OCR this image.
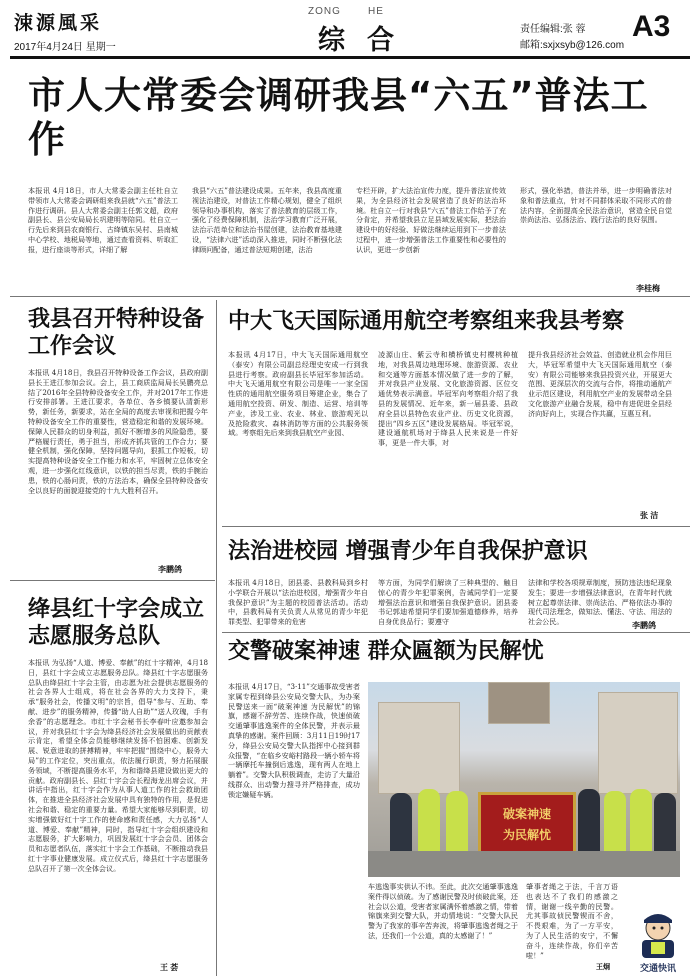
涑源風采
2017年4月24日 星期一
ZONG	HE
综合	责任编辑:张 蓉
邮箱:sxjxsyb@126.com
A3
市人大常委会调研我县“六五”普法工作
本报讯 4月18日，市人大常委会副主任杜自立带领市人大常委会调研组来我县就“六五”普法工作进行调研。县人大常委会副主任郭文超，政府副县长、县公安局局长巩建明等陪同。杜自立一行先后来到县农商银行、古绛镇东吴村、县南城中心学校、地税局等地，通过查看资料、听取汇报，进行座谈等形式，详细了解
我县“六五”普法建设成果。五年来，我县高度重视法治建设，对普法工作精心规划，健全了组织领导和办事机构，落实了普法教育的层级工作，强化了经费保障机制，法治学习教育广泛开展，法治示范单位和法治书屋创建，法治教育基地建设，“法律六进”活动深入推进，同时不断强化法律顾问配备，通过普法短期创建，法治
专栏开辟，扩大法治宣传力度，提升普法宣传效果，为全县经济社会发展营造了良好的法治环境。杜自立一行对我县“六五”普法工作给予了充分肯定，并希望我县立足县域发展实际，把法治建设中的好经验、好做法继续运用到下一步普法过程中，进一步增强普法工作重要性和必要性的认识，更进一步创新
形式，强化举措，普法并举，进一步明确普法对象和普法重点，针对不同群体采取不同形式的普法内容，全面提高全民法治意识，营造全民自觉崇尚法治、弘扬法治、践行法治的良好氛围。
李桂梅
我县召开特种设备工作会议
本报讯 4月18日，我县召开特种设备工作会议，县政府副县长王进江参加会议。会上，县工商质监局局长吴鹏亮总结了2016年全县特种设备安全工作，并对2017年工作进行安排部署。王进江要求，各单位、各乡镇要认清新形势，新任务，新要求，站在全局的高度去审视和把握今年特种设备安全工作的重要性，营造稳定和谐的发展环境。保障人民群众的切身利益，抓好不断增多的风险隐患，要严格履行责任，勇于担当，形成齐抓共管的工作合力；要健全机制，强化保障，坚持问题导向，狠抓工作短板，切实提高特种设备安全工作能力和水平，牢固树立总体安全观，进一步强化红线意识，以铁的担当尽责，铁的手腕治患，铁的心肠问责，铁的方法治本，确保全县特种设备安全以良好的面貌迎接党的十九大胜利召开。
李鹏鸽
绛县红十字会成立志愿服务总队
本报讯 为弘扬“人道、博爱、奉献”的红十字精神，4月18日，县红十字会成立志愿服务总队。绛县红十字志愿服务总队由绛县红十字会主管，由志愿为社会提供志愿服务的社会各界人士组成，将在社会各界的大力支持下，秉承“服务社会，传播文明”的宗旨，倡导“参与、互助、奉献、进步”的服务精神，传播“助人自助”“送人玫瑰，手有余香”的志愿理念。市红十字会秘书长李春叶应邀参加会议，并对我县红十字会为绛县经济社会发展做出的贡献表示肯定，希望全体会员能够继续发扬不怕困难、创新发展、锐意进取的拼搏精神，牢牢把握“围绕中心，服务大局”的工作定位，突出重点，依法履行职责，努力拓展服务领域，不断提高服务水平，为和谐绛县建设做出更大的贡献。政府副县长、县红十字会会长程海龙出席会议，并讲话中指出，红十字会作为从事人道工作的社会救助团体，在推进全县经济社会发展中具有独特的作用，是促进社会和谐、稳定的重要力量。希望大家能够尽到职责，切实增强做好红十字工作的使命感和责任感，大力弘扬“人道、博爱、奉献”精神，同时，指导红十字会组织建设和志愿服务，扩大影响力，巩固发展红十字会会员、团体会员和志愿者队伍，落实红十字会工作基础，不断推动我县红十字事业健康发展。成立仪式后，绛县红十字志愿服务总队召开了第一次全体会议。
王 荟
中大飞天国际通用航空考察组来我县考察
本报讯 4月17日，中大飞天国际通用航空（泰安）有限公司副总经理史安成一行到我县进行考察。政府副县长毕冠军参加活动。中大飞天通用航空有限公司是唯一一家全国性质的通用航空服务项目筹建企业，集合了通用航空投资、研发、制造、运营、培训等产业，涉及工业、农业、林业、旅游观光以及抢险救灾、森林消防等方面的公共服务领域。考察组先后来到我县航空产业园、
凌源山庄、紫云寺和横桥镇史村樱桃种植地，对我县周边地理环境、旅游资源、农业和交通等方面基本情况做了进一步的了解，并对我县产业发展、文化旅游资源、区位交通优势表示满意。毕冠军向考察组介绍了我县的发展情况、近年来，新一届县委、县政府全县以县特色农业产业、历史文化资源，提出“四乡五区”建设发展格局。毕冠军说，建设通航机场对于绛县人民来说是一件好事，更是一件大事，对
提升我县经济社会效益、创造就业机会作用巨大，毕冠军希望中大飞天国际通用航空（泰安）有限公司能够来我县投资兴业，开展更大范围、更深层次的交流与合作，将推动通航产业示范区建设，利用航空产业的发展带动全县文化旅游产业融合发展，稳中有进促进全县经济向好向上，实现合作共赢，互惠互利。
张 洁
法治进校园 增强青少年自我保护意识
本报讯 4月18日，团县委、县教科局到乡村小学联合开展以“法治进校园，增强青少年自我保护意识”为主题的校园普法活动。活动中，县教科局有关负责人从常见的青少年犯罪类型、犯罪带来的危害
等方面，为同学们解读了三种典型的、触目惊心的青少年犯罪案例，告诫同学们一定要增强法治意识和增强自我保护意识。团县委书记郭迪希望同学们要加强道德修养，培养自身优良品行；要遵守
法律和学校各项规章制度，预防违法违纪现象发生；要进一步增强法律意识，在青年时代就树立起尊崇法律、崇尚法治、严格依法办事的现代司法理念，做知法、懂法、守法、用法的社会公民。	李鹏鸽
交警破案神速 群众匾额为民解忧
本报讯 4月17日，“3·11”交通事故受害者家属专程到绛县公安局交警大队，为办案民警送来一面“破案神速 为民解忧”的锦旗，感谢不辞劳苦、连续作战，快速侦破交通肇事逃逸案件的全体民警，并表示最真挚的感谢。案件回顾：3月11日19时17分，绛县公安局交警大队指挥中心接到群众报警，“在临乡安峪村路段一辆小轿车将一辆摩托车撞倒后逃逸，现有两人在地上躺着”。交警大队积极调查，走访了大量沿线群众、出动警力搜寻并严格排查，成功锁定嫌疑车辆。
破案神速
为民解忧
车逃逸事实供认不讳。至此，此次交通肇事逃逸案件得以侦破。为了感谢民警及时侦破此案，还社会以公道，受害者家属满怀着感激之情，带着锦旗来到交警大队，并动情地说：“交警大队民警为了我家的事辛苦奔波，将肇事逃逸者绳之于法，还我们一个公道，真的太感谢了！”
肇事者绳之于法，千言万语也表达不了我们的感激之情，谢谢一线辛勤的民警。尤其事故侦民警锲而不舍，不畏艰难，为了一方平安，为了人民生活的安宁，不懈奋斗，连续作战，你们辛苦啦！”
王炯	交通快讯
